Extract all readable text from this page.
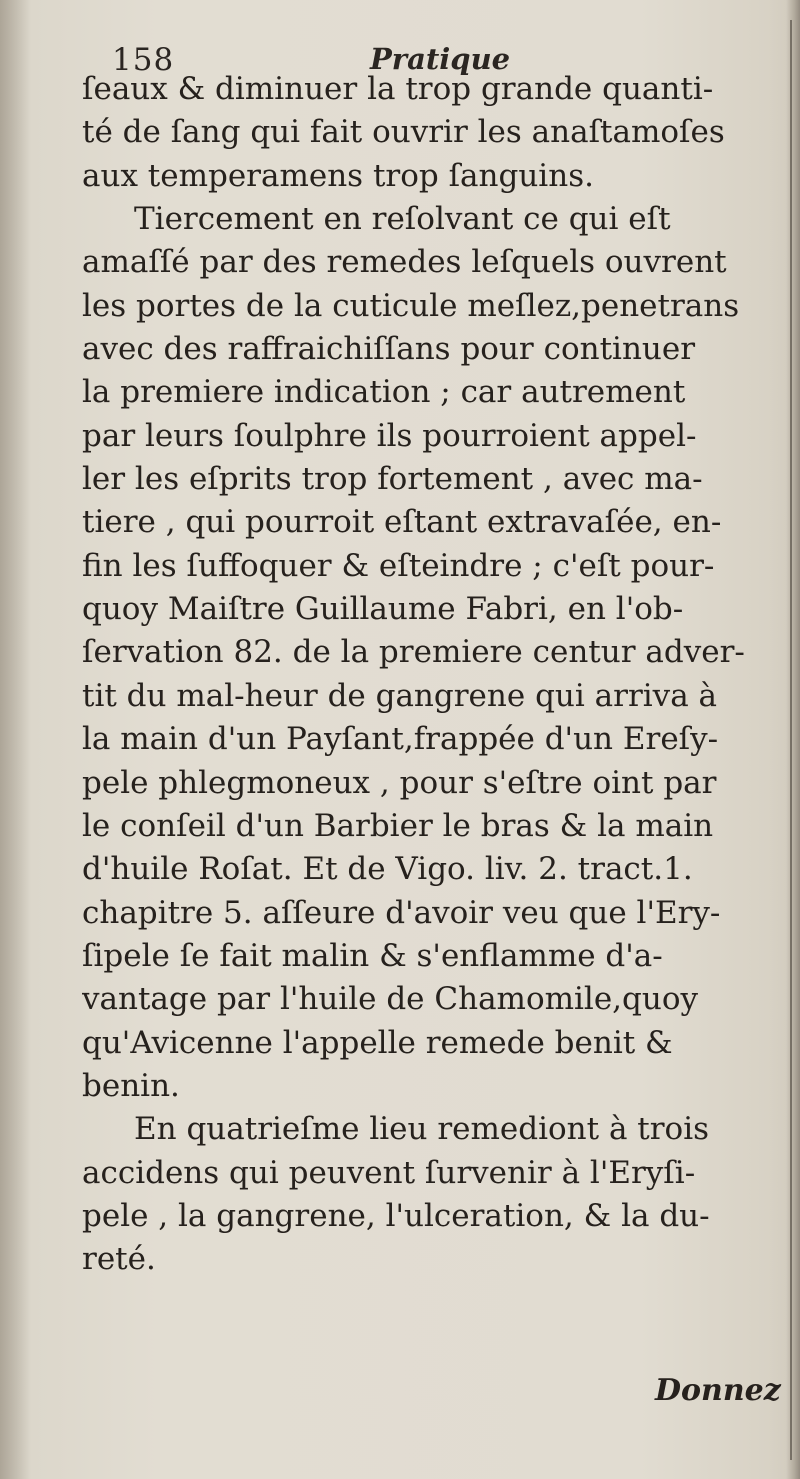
158	Pratique
ſeaux & diminuer la trop grande quanti-
té de ſang qui fait ouvrir les anaſtamoſes
aux temperamens trop ſanguins.
Tiercement en reſolvant ce qui eſt
amaſſé par des remedes leſquels ouvrent
les portes de la cuticule meſlez,penetrans
avec des raffraichiſſans pour continuer
la premiere indication ; car autrement
par leurs ſoulphre ils pourroient appel-
ler les eſprits trop fortement , avec ma-
tiere , qui pourroit eſtant extravaſée, en-
fin les ſuffoquer & eſteindre ; c'eſt pour-
quoy Maiſtre Guillaume Fabri, en l'ob-
ſervation 82. de la premiere centur adver-
tit du mal-heur de gangrene qui arriva à
la main d'un Payſant,frappée d'un Ereſy-
pele phlegmoneux , pour s'eſtre oint par
le conſeil d'un Barbier le bras & la main
d'huile Roſat. Et de Vigo. liv. 2. tract.1.
chapitre 5. aſſeure d'avoir veu que l'Ery-
ſipele ſe fait malin & s'enflamme d'a-
vantage par l'huile de Chamomile,quoy
qu'Avicenne l'appelle remede benit &
benin.
En quatrieſme lieu remediont à trois
accidens qui peuvent ſurvenir à l'Eryſi-
pele , la gangrene, l'ulceration, & la du-
reté.
Donnez
